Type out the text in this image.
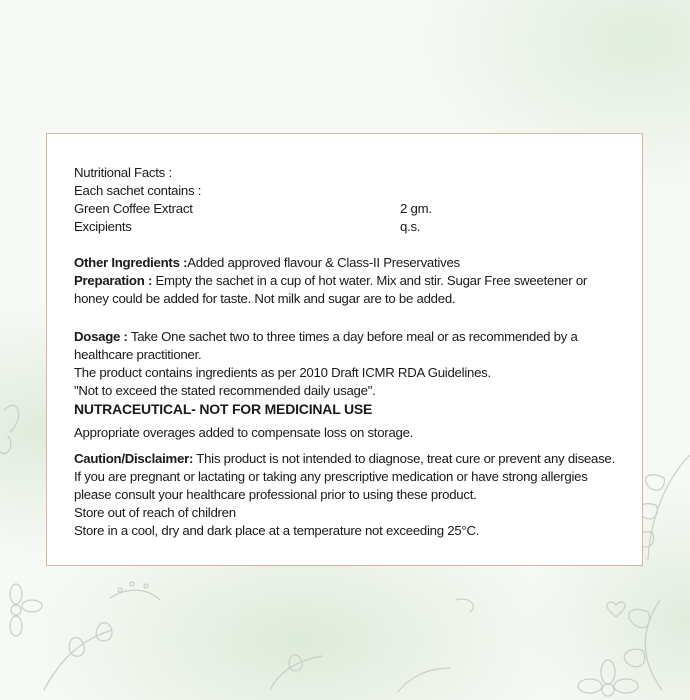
Nutritional Facts :

Each sachet contains :

Green Coffee Extract	2 gm.
Excipients	q.s.

Other Ingredients :Added approved flavour & Class-II Preservatives

Preparation : Empty the sachet in a cup of hot water. Mix and stir. Sugar Free sweetener or honey could be added for taste. Not milk and sugar are to be added.

Dosage : Take One sachet two to three times a day before meal or as recommended by a healthcare practitioner.

The product contains ingredients as per 2010 Draft ICMR RDA Guidelines.

"Not to exceed the stated recommended daily usage".

NUTRACEUTICAL- NOT FOR MEDICINAL USE

Appropriate overages added to compensate loss on storage.

Caution/Disclaimer: This product is not intended to diagnose, treat cure or prevent any disease. If you are pregnant or lactating or taking any prescriptive medication or have strong allergies please consult your healthcare professional prior to using these product.

Store out of reach of children

Store in a cool, dry and dark place at a temperature not exceeding 25°C.
